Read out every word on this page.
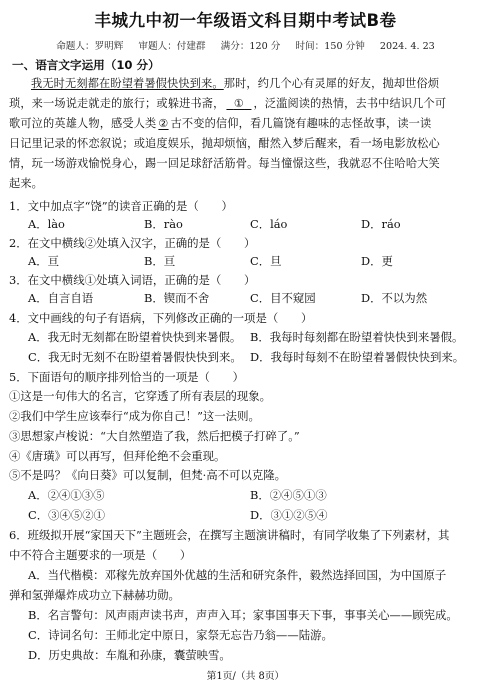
丰城九中初一年级语文科目期中考试B卷
命题人：罗明辉 审题人：付建群 满分：120 分 时间：150 分钟 2024. 4. 23
一、语言文字运用（10 分）
我无时无刻都在盼望着暑假快快到来。那时，约几个心有灵犀的好友，抛却世俗烦
琐，来一场说走就走的旅行；或躲进书斋， ① ，泛滥阅读的热情，去书中结识几个可
歌可泣的英雄人物，感受人类 ② 古不变的信仰，看几篇饶有趣味的志怪故事，读一读
日记里记录的怀恋叙说；或追度娱乐，抛却烦恼，酣然入梦后醒来，看一场电影放松心
情，玩一场游戏愉悦身心，踢一回足球舒活筋骨。每当憧憬这些，我就忍不住哈哈大笑
起来。
1．文中加点字“饶”的读音正确的是（　　）
A．lào	B．rào	C．láo	D．ráo
2．在文中横线②处填入汉字，正确的是（　　）
A．亘	B．亘	C．旦	D．更
3．在文中横线①处填入词语，正确的是（　　）
A．自言自语	B．锲而不舍	C．目不窥园	D．不以为然
4．文中画线的句子有语病，下列修改正确的一项是（　　）
A．我无时无刻都在盼望着快快到来暑假。 B．我每时每刻都在盼望着快快到来暑假。
C．我无时无刻不在盼望着暑假快快到来。 D．我每时每刻不在盼望着暑假快快到来。
5．下面语句的顺序排列恰当的一项是（　　）
①这是一句伟大的名言，它穿透了所有表层的现象。
②我们中学生应该奉行“成为你自己！”这一法则。
③思想家卢梭说：“大自然塑造了我，然后把模子打碎了。”
④《唐璜》可以再写，但拜伦绝不会重现。
⑤不是吗？《向日葵》可以复制，但梵·高不可以克隆。
A．②④①③⑤	B．②④⑤①③
C．③④⑤②①	D．③①②⑤④
6．班级拟开展“家国天下”主题班会，在撰写主题演讲稿时，有同学收集了下列素材，其
中不符合主题要求的一项是（　　）
A．当代楷模：邓稼先放弃国外优越的生活和研究条件，毅然选择回国，为中国原子
弹和氢弹爆炸成功立下赫赫功勋。
B．名言警句：风声雨声读书声，声声入耳；家事国事天下事，事事关心——顾宪成。
C．诗词名句：王师北定中原日，家祭无忘告乃翁——陆游。
D．历史典故：车胤和孙康，囊萤映雪。
第1页/（共 8页）
